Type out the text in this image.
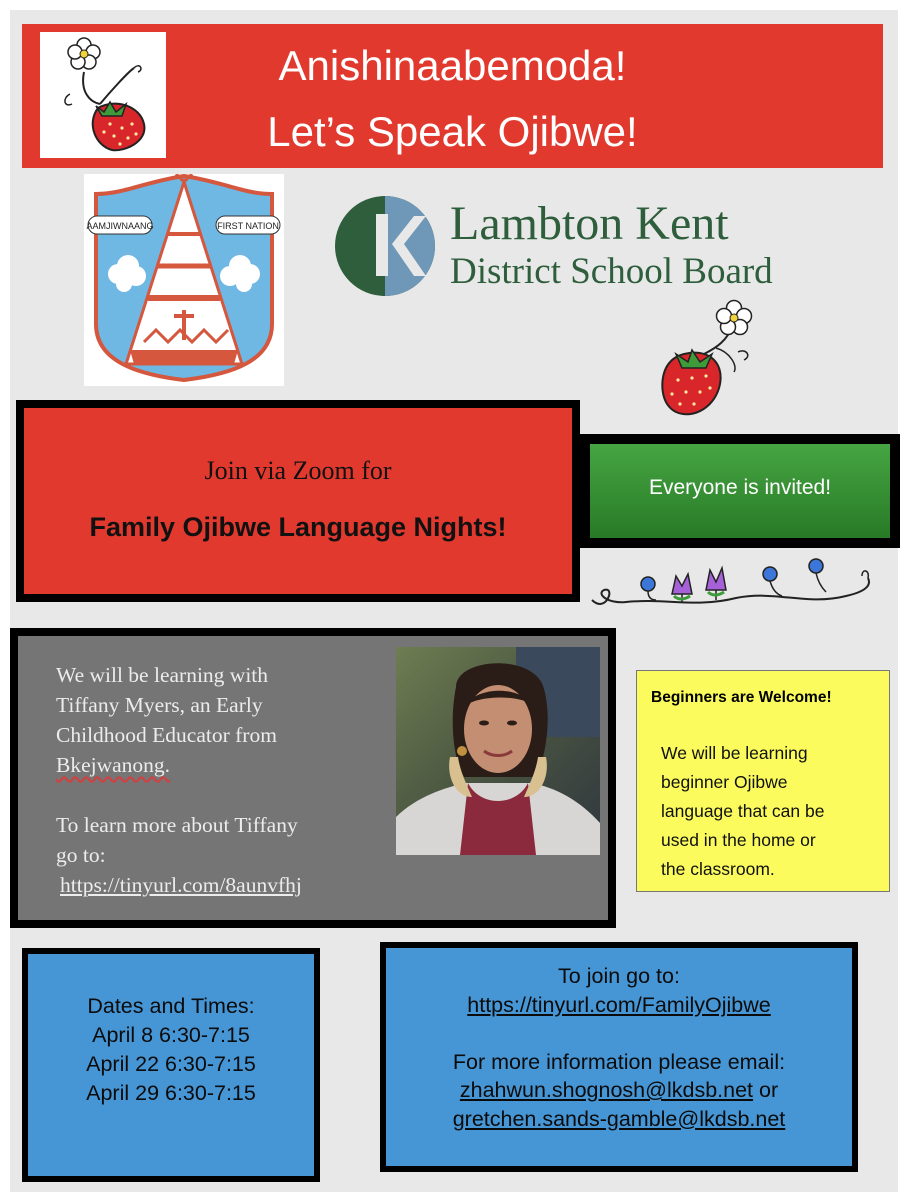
Anishinaabemoda!
Let’s Speak Ojibwe!
AAMJIWNAANG	FIRST NATION
LK
Lambton Kent
District School Board
Join via Zoom for
Family Ojibwe Language Nights!
Everyone is invited!

We will be learning with

Tiffany Myers, an Early

Childhood Educator from

Bkejwanong.

To learn more about Tiffany

go to:

https://tinyurl.com/8aunvfhj

Beginners are Welcome!
We will be learning
beginner Ojibwe
language that can be
used in the home or
the classroom.
Dates and Times:
April 8 6:30-7:15
April 22 6:30-7:15
April 29 6:30-7:15
To join go to:
https://tinyurl.com/FamilyOjibwe
For more information please email:
zhahwun.shognosh@lkdsb.net or
gretchen.sands-gamble@lkdsb.net
